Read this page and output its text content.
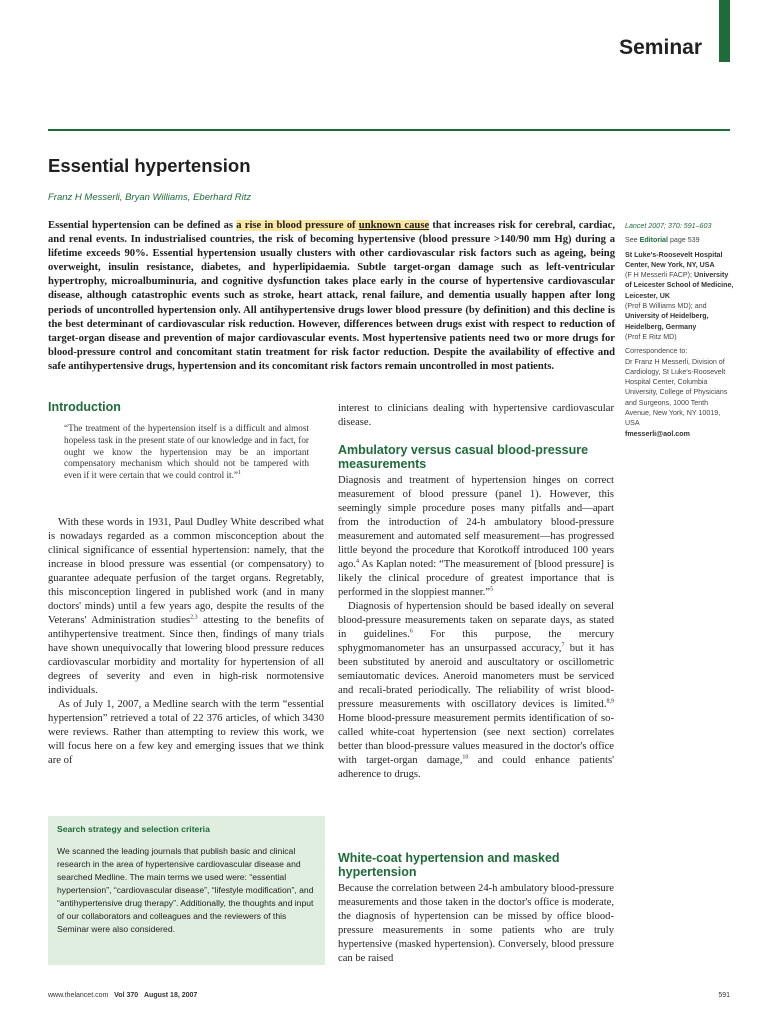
Seminar
Essential hypertension
Franz H Messerli, Bryan Williams, Eberhard Ritz
Essential hypertension can be defined as a rise in blood pressure of unknown cause that increases risk for cerebral, cardiac, and renal events. In industrialised countries, the risk of becoming hypertensive (blood pressure >140/90 mm Hg) during a lifetime exceeds 90%. Essential hypertension usually clusters with other cardiovascular risk factors such as ageing, being overweight, insulin resistance, diabetes, and hyperlipidaemia. Subtle target-organ damage such as left-ventricular hypertrophy, microalbuminuria, and cognitive dysfunction takes place early in the course of hypertensive cardiovascular disease, although catastrophic events such as stroke, heart attack, renal failure, and dementia usually happen after long periods of uncontrolled hypertension only. All antihypertensive drugs lower blood pressure (by definition) and this decline is the best determinant of cardiovascular risk reduction. However, differences between drugs exist with respect to reduction of target-organ disease and prevention of major cardiovascular events. Most hypertensive patients need two or more drugs for blood-pressure control and concomitant statin treatment for risk factor reduction. Despite the availability of effective and safe antihypertensive drugs, hypertension and its concomitant risk factors remain uncontrolled in most patients.

Lancet 2007; 370: 591–603

See Editorial page 539

St Luke's-Roosevelt Hospital Center, New York, NY, USA
(F H Messerli FACP); University of Leicester School of Medicine, Leicester, UK
(Prof B Williams MD); and University of Heidelberg, Heidelberg, Germany
(Prof E Ritz MD)

Correspondence to:
Dr Franz H Messerli, Division of Cardiology, St Luke's-Roosevelt Hospital Center, Columbia University, College of Physicians and Surgeons, 1000 Tenth Avenue, New York, NY 10019, USA
fmesserli@aol.com

Introduction
“The treatment of the hypertension itself is a difficult and almost hopeless task in the present state of our knowledge and in fact, for ought we know the hypertension may be an important compensatory mechanism which should not be tampered with even if it were certain that we could control it.”$^1$

With these words in 1931, Paul Dudley White described what is nowadays regarded as a common misconception about the clinical significance of essential hypertension: namely, that the increase in blood pressure was essential (or compensatory) to guarantee adequate perfusion of the target organs. Regretably, this misconception lingered in published work (and in many doctors' minds) until a few years ago, despite the results of the Veterans' Administration studies$^{2,3}$ attesting to the benefits of antihypertensive treatment. Since then, findings of many trials have shown unequivocally that lowering blood pressure reduces cardiovascular morbidity and mortality for hypertension of all degrees of severity and even in high-risk normotensive individuals.

As of July 1, 2007, a Medline search with the term “essential hypertension” retrieved a total of 22 376 articles, of which 3430 were reviews. Rather than attempting to review this work, we will focus here on a few key and emerging issues that we think are of

Search strategy and selection criteria
We scanned the leading journals that publish basic and clinical research in the area of hypertensive cardiovascular disease and searched Medline. The main terms we used were: “essential hypertension”, “cardiovascular disease”, “lifestyle modification”, and “antihypertensive drug therapy”. Additionally, the thoughts and input of our collaborators and colleagues and the reviewers of this Seminar were also considered.
interest to clinicians dealing with hypertensive cardiovascular disease.
Ambulatory versus casual blood-pressure measurements

Diagnosis and treatment of hypertension hinges on correct measurement of blood pressure (panel 1). However, this seemingly simple procedure poses many pitfalls and—apart from the introduction of 24-h ambulatory blood-pressure measurement and automated self measurement—has progressed little beyond the procedure that Korotkoff introduced 100 years ago.$^4$ As Kaplan noted: “The measurement of [blood pressure] is likely the clinical procedure of greatest importance that is performed in the sloppiest manner.”$^5$

Diagnosis of hypertension should be based ideally on several blood-pressure measurements taken on separate days, as stated in guidelines.$^6$ For this purpose, the mercury sphygmomanometer has an unsurpassed accuracy,$^7$ but it has been substituted by aneroid and auscultatory or oscillometric semiautomatic devices. Aneroid manometers must be serviced and recali-brated periodically. The reliability of wrist blood-pressure measurements with oscillatory devices is limited.$^{8,9}$ Home blood-pressure measurement permits identification of so-called white-coat hypertension (see next section) correlates better than blood-pressure values measured in the doctor's office with target-organ damage,$^{10}$ and could enhance patients' adherence to drugs.

White-coat hypertension and masked hypertension
Because the correlation between 24-h ambulatory blood-pressure measurements and those taken in the doctor's office is moderate, the diagnosis of hypertension can be missed by office blood-pressure measurements in some patients who are truly hypertensive (masked hypertension). Conversely, blood pressure can be raised
www.thelancet.com Vol 370 August 18, 2007	591
